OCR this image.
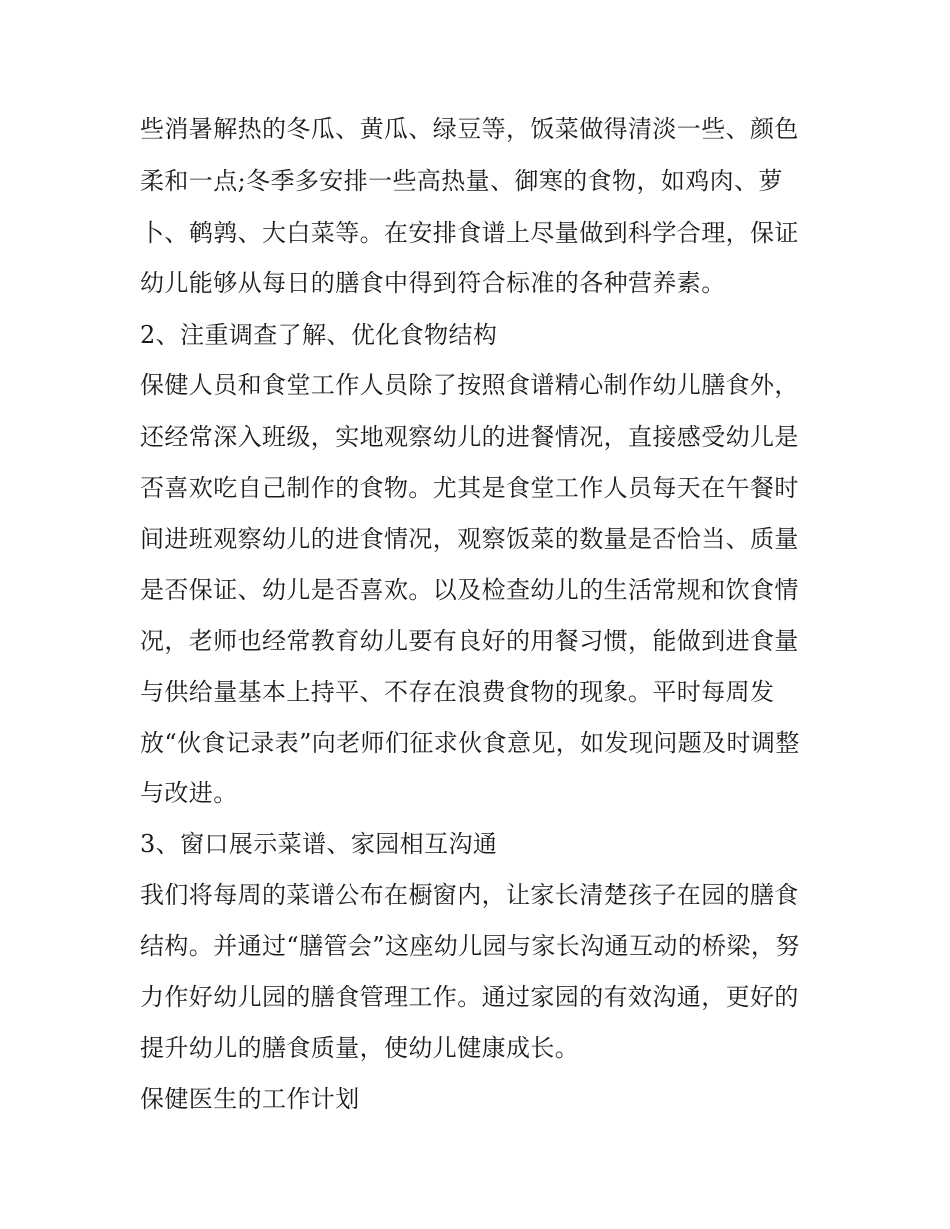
些消暑解热的冬瓜、黄瓜、绿豆等，饭菜做得清淡一些、颜色
柔和一点;冬季多安排一些高热量、御寒的食物，如鸡肉、萝
卜、鹌鹑、大白菜等。在安排食谱上尽量做到科学合理，保证
幼儿能够从每日的膳食中得到符合标准的各种营养素。
2、注重调查了解、优化食物结构
保健人员和食堂工作人员除了按照食谱精心制作幼儿膳食外，
还经常深入班级，实地观察幼儿的进餐情况，直接感受幼儿是
否喜欢吃自己制作的食物。尤其是食堂工作人员每天在午餐时
间进班观察幼儿的进食情况，观察饭菜的数量是否恰当、质量
是否保证、幼儿是否喜欢。以及检查幼儿的生活常规和饮食情
况，老师也经常教育幼儿要有良好的用餐习惯，能做到进食量
与供给量基本上持平、不存在浪费食物的现象。平时每周发
放“伙食记录表”向老师们征求伙食意见，如发现问题及时调整
与改进。
3、窗口展示菜谱、家园相互沟通
我们将每周的菜谱公布在橱窗内，让家长清楚孩子在园的膳食
结构。并通过“膳管会”这座幼儿园与家长沟通互动的桥梁，努
力作好幼儿园的膳食管理工作。通过家园的有效沟通，更好的
提升幼儿的膳食质量，使幼儿健康成长。
保健医生的工作计划
